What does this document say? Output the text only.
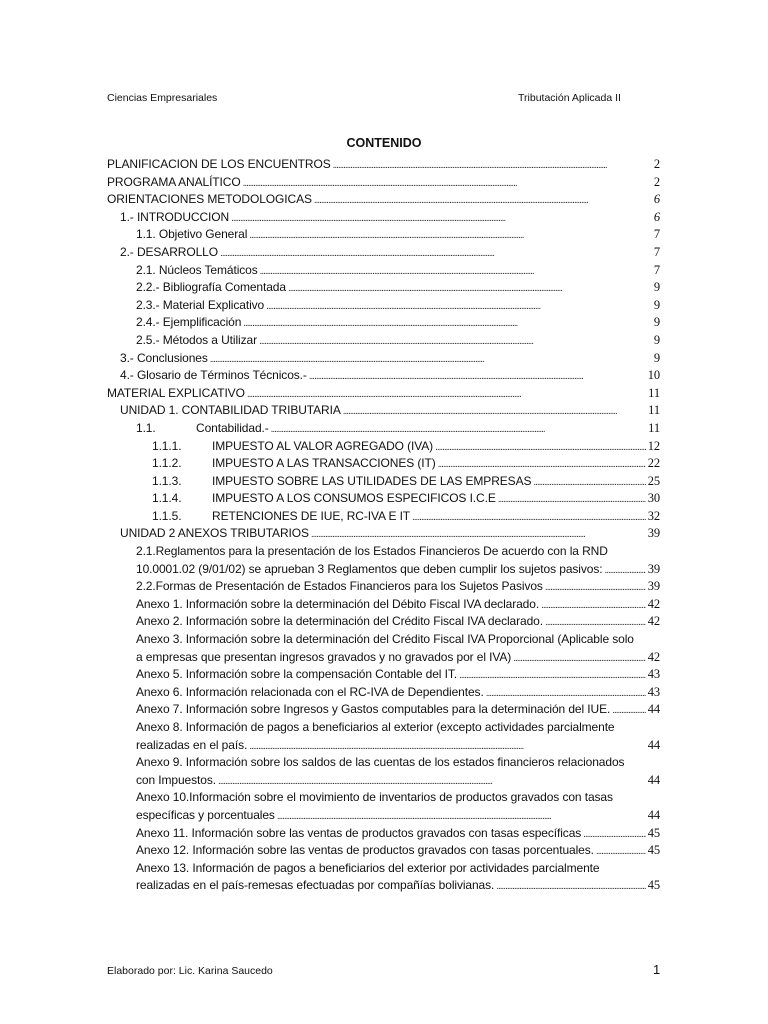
Ciencias Empresariales	Tributación Aplicada II
CONTENIDO
PLANIFICACION DE LOS ENCUENTROS . . .	2
PROGRAMA ANALÍTICO . . .	2
ORIENTACIONES METODOLOGICAS . . .	6
1.- INTRODUCCION . . .	6
1.1. Objetivo General . . .	7
2.- DESARROLLO . . .	7
2.1. Núcleos Temáticos . . .	7
2.2.- Bibliografía Comentada . . .	9
2.3.- Material Explicativo . . .	9
2.4.- Ejemplificación . . .	9
2.5.- Métodos a Utilizar . . .	9
3.- Conclusiones . . .	9
4.- Glosario de Términos Técnicos.- . . .	10
MATERIAL EXPLICATIVO . . .	11
UNIDAD 1. CONTABILIDAD TRIBUTARIA . . .	11
1.1.	Contabilidad.- . . .	11
1.1.1.	IMPUESTO AL VALOR AGREGADO (IVA) . . .	12
1.1.2.	IMPUESTO A LAS TRANSACCIONES (IT) . . .	22
1.1.3.	IMPUESTO SOBRE LAS UTILIDADES DE LAS EMPRESAS . . .	25
1.1.4.	IMPUESTO A LOS CONSUMOS ESPECIFICOS I.C.E . . .	30
1.1.5.	RETENCIONES DE IUE, RC-IVA E IT . . .	32
UNIDAD 2 ANEXOS TRIBUTARIOS . . .	39
2.1.Reglamentos para la presentación de los Estados Financieros De acuerdo con la RND
10.0001.02 (9/01/02) se aprueban 3 Reglamentos que deben cumplir los sujetos pasivos: . . .	39
2.2.Formas de Presentación de Estados Financieros para los Sujetos Pasivos . . .	39
Anexo 1. Información sobre la determinación del Débito Fiscal IVA declarado. . . .	42
Anexo 2. Información sobre la determinación del Crédito Fiscal IVA declarado. . . .	42
Anexo 3. Información sobre la determinación del Crédito Fiscal IVA Proporcional (Aplicable solo
a empresas que presentan ingresos gravados y no gravados por el IVA) . . .	42
Anexo 5. Información sobre la compensación Contable del IT. . . .	43
Anexo 6. Información relacionada con el RC-IVA de Dependientes. . . .	43
Anexo 7. Información sobre Ingresos y Gastos computables para la determinación del IUE. . . .	44
Anexo 8. Información de pagos a beneficiarios al exterior (excepto actividades parcialmente
realizadas en el país. . . .	44
Anexo 9. Información sobre los saldos de las cuentas de los estados financieros relacionados
con Impuestos. . . .	44
Anexo 10.Información sobre el movimiento de inventarios de productos gravados con tasas
específicas y porcentuales . . .	44
Anexo 11. Información sobre las ventas de productos gravados con tasas específicas . . .	45
Anexo 12. Información sobre las ventas de productos gravados con tasas porcentuales. . . .	45
Anexo 13. Información de pagos a beneficiarios del exterior por actividades parcialmente
realizadas en el país-remesas efectuadas por compañías bolivianas. . . .	45
Elaborado por: Lic. Karina Saucedo	1
